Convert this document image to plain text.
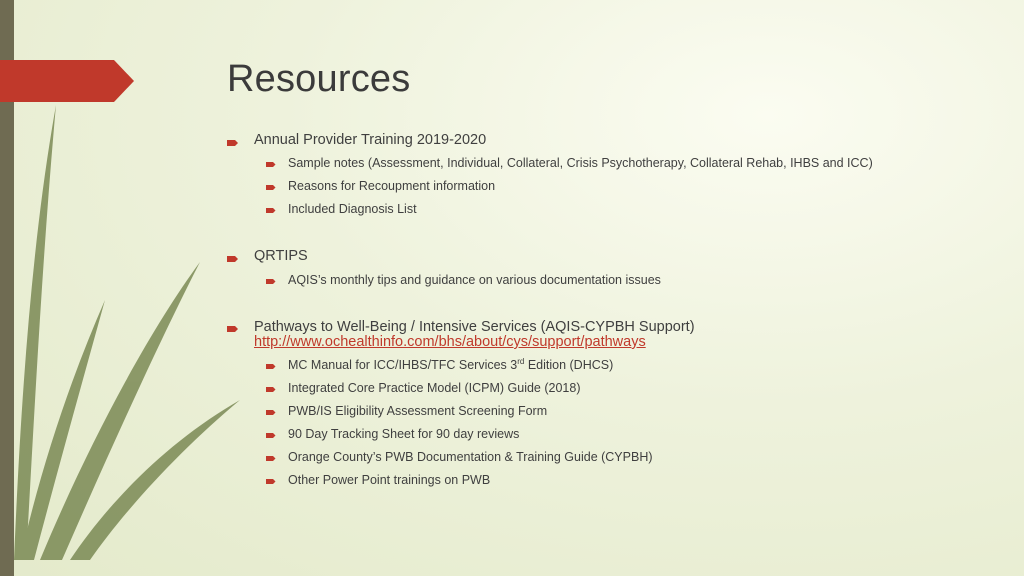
Resources
Annual Provider Training 2019-2020
Sample notes (Assessment, Individual, Collateral, Crisis Psychotherapy, Collateral Rehab, IHBS and ICC)
Reasons for Recoupment information
Included Diagnosis List
QRTIPS
AQIS’s monthly tips and guidance on various documentation issues
Pathways to Well-Being / Intensive Services (AQIS-CYPBH Support)
http://www.ochealthinfo.com/bhs/about/cys/support/pathways
MC Manual for ICC/IHBS/TFC Services 3rd Edition (DHCS)
Integrated Core Practice Model (ICPM) Guide (2018)
PWB/IS Eligibility Assessment Screening Form
90 Day Tracking Sheet for 90 day reviews
Orange County’s PWB Documentation & Training Guide (CYPBH)
Other Power Point trainings on PWB
